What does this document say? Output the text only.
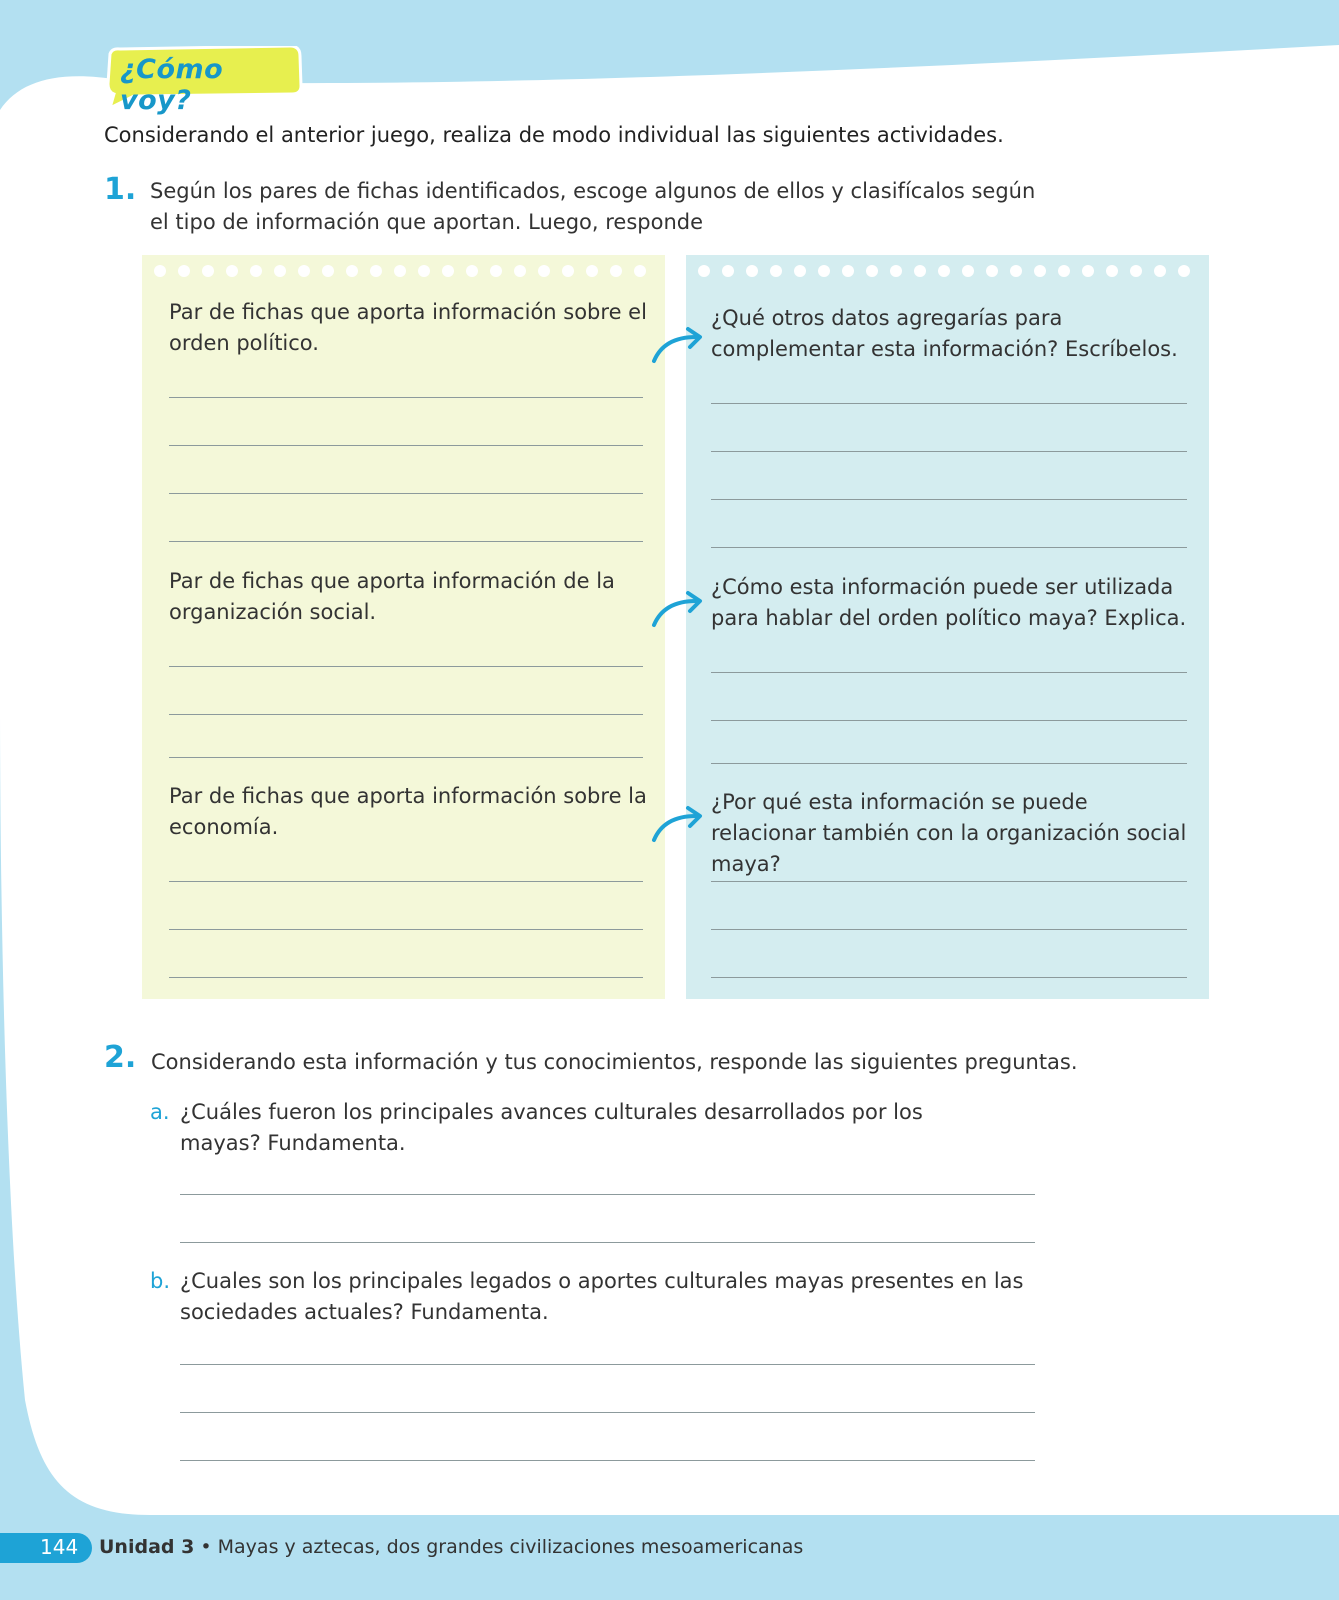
¿Cómo voy?
Considerando el anterior juego, realiza de modo individual las siguientes actividades.
1. Según los pares de fichas identificados, escoge algunos de ellos y clasifícalos según el tipo de información que aportan. Luego, responde
Par de fichas que aporta información sobre el orden político.
Par de fichas que aporta información de la organización social.
Par de fichas que aporta información sobre la economía.
¿Qué otros datos agregarías para complementar esta información? Escríbelos.
¿Cómo esta información puede ser utilizada para hablar del orden político maya? Explica.
¿Por qué esta información se puede relacionar también con la organización social maya?
2. Considerando esta información y tus conocimientos, responde las siguientes preguntas.
a. ¿Cuáles fueron los principales avances culturales desarrollados por los mayas? Fundamenta.
b. ¿Cuales son los principales legados o aportes culturales mayas presentes en las sociedades actuales? Fundamenta.
144 Unidad 3 • Mayas y aztecas, dos grandes civilizaciones mesoamericanas
